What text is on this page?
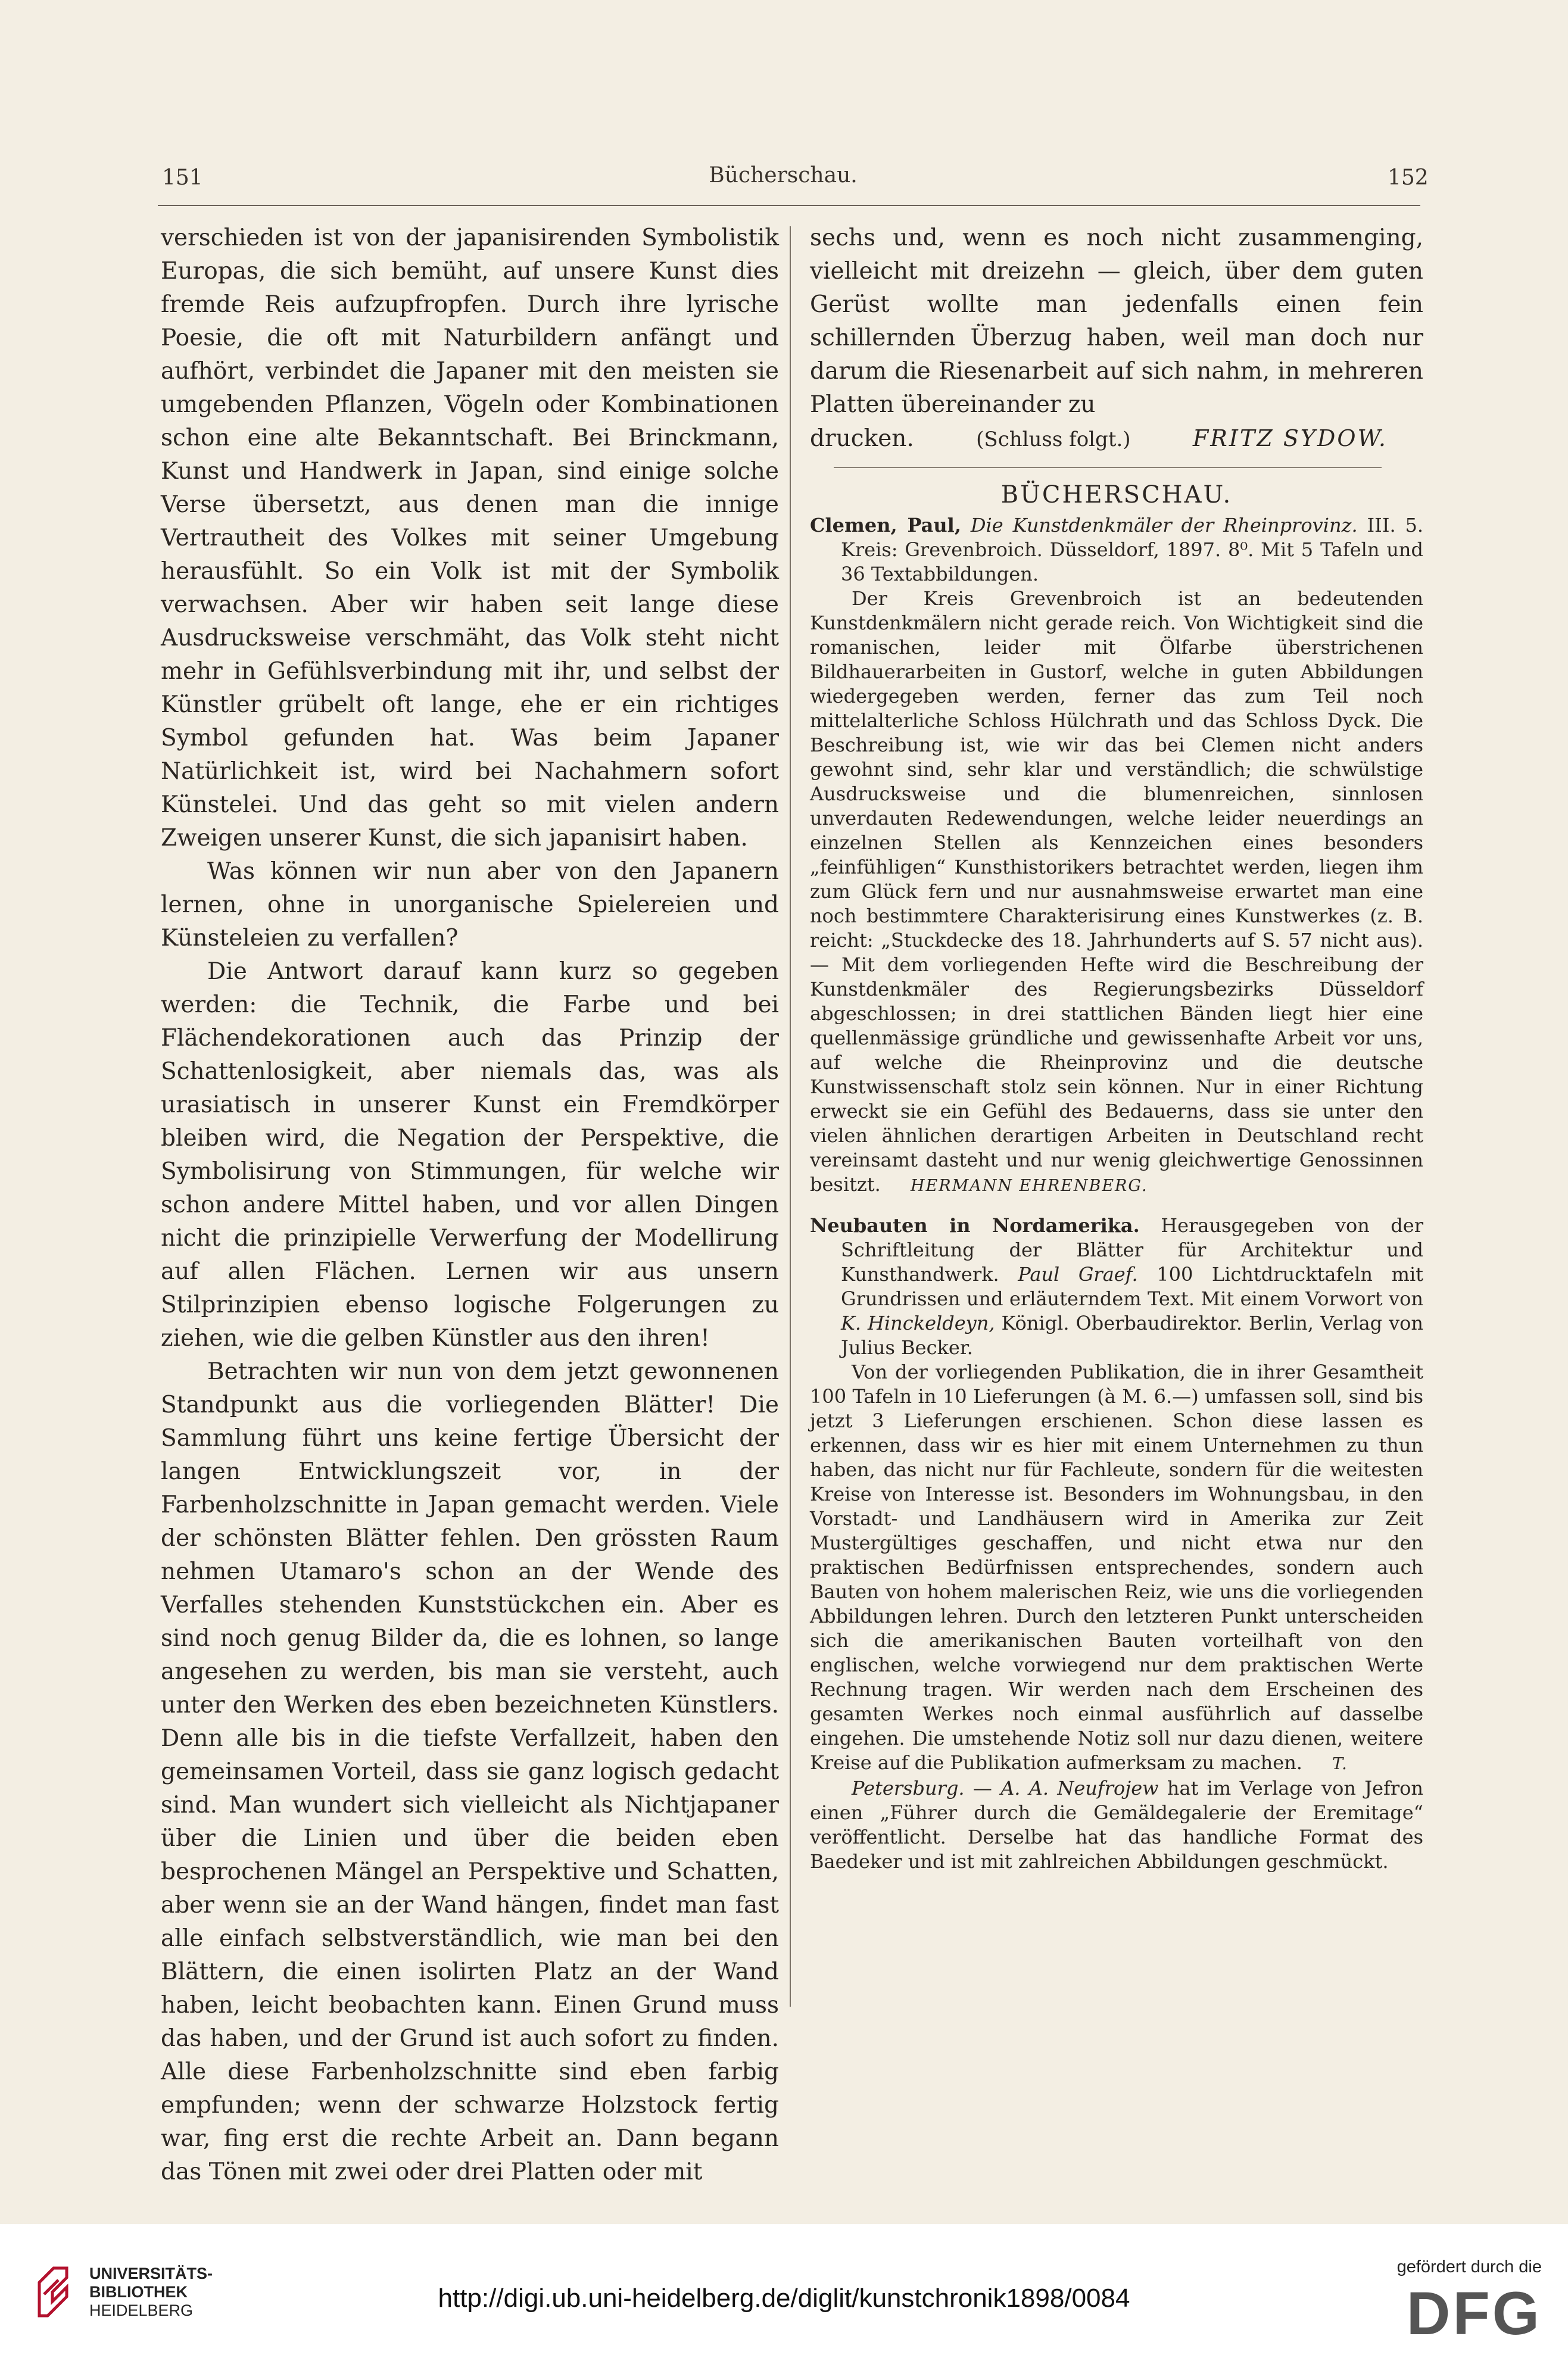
151	Bücherschau.	152

verschieden ist von der japanisirenden Symbolistik Europas, die sich bemüht, auf unsere Kunst dies fremde Reis aufzupfropfen. Durch ihre lyrische Poesie, die oft mit Naturbildern anfängt und aufhört, verbindet die Japaner mit den meisten sie umgebenden Pflanzen, Vögeln oder Kombinationen schon eine alte Bekanntschaft. Bei Brinckmann, Kunst und Handwerk in Japan, sind einige solche Verse übersetzt, aus denen man die innige Vertrautheit des Volkes mit seiner Umgebung herausfühlt. So ein Volk ist mit der Symbolik verwachsen. Aber wir haben seit lange diese Ausdrucksweise verschmäht, das Volk steht nicht mehr in Gefühlsverbindung mit ihr, und selbst der Künstler grübelt oft lange, ehe er ein richtiges Symbol gefunden hat. Was beim Japaner Natürlichkeit ist, wird bei Nachahmern sofort Künstelei. Und das geht so mit vielen andern Zweigen unserer Kunst, die sich japanisirt haben.

Was können wir nun aber von den Japanern lernen, ohne in unorganische Spielereien und Künsteleien zu verfallen?

Die Antwort darauf kann kurz so gegeben werden: die Technik, die Farbe und bei Flächendekorationen auch das Prinzip der Schattenlosigkeit, aber niemals das, was als urasiatisch in unserer Kunst ein Fremdkörper bleiben wird, die Negation der Perspektive, die Symbolisirung von Stimmungen, für welche wir schon andere Mittel haben, und vor allen Dingen nicht die prinzipielle Verwerfung der Modellirung auf allen Flächen. Lernen wir aus unsern Stilprinzipien ebenso logische Folgerungen zu ziehen, wie die gelben Künstler aus den ihren!

Betrachten wir nun von dem jetzt gewonnenen Standpunkt aus die vorliegenden Blätter! Die Sammlung führt uns keine fertige Übersicht der langen Entwicklungszeit vor, in der Farbenholzschnitte in Japan gemacht werden. Viele der schönsten Blätter fehlen. Den grössten Raum nehmen Utamaro's schon an der Wende des Verfalles stehenden Kunststückchen ein. Aber es sind noch genug Bilder da, die es lohnen, so lange angesehen zu werden, bis man sie versteht, auch unter den Werken des eben bezeichneten Künstlers. Denn alle bis in die tiefste Verfallzeit, haben den gemeinsamen Vorteil, dass sie ganz logisch gedacht sind. Man wundert sich vielleicht als Nichtjapaner über die Linien und über die beiden eben besprochenen Mängel an Perspektive und Schatten, aber wenn sie an der Wand hängen, findet man fast alle einfach selbstverständlich, wie man bei den Blättern, die einen isolirten Platz an der Wand haben, leicht beobachten kann. Einen Grund muss das haben, und der Grund ist auch sofort zu finden. Alle diese Farbenholzschnitte sind eben farbig empfunden; wenn der schwarze Holzstock fertig war, fing erst die rechte Arbeit an. Dann begann das Tönen mit zwei oder drei Platten oder mit

sechs und, wenn es noch nicht zusammenging, vielleicht mit dreizehn — gleich, über dem guten Gerüst wollte man jedenfalls einen fein schillernden Überzug haben, weil man doch nur darum die Riesenarbeit auf sich nahm, in mehreren Platten übereinander zu

drucken.	(Schluss folgt.)	FRITZ SYDOW.
BÜCHERSCHAU.

Clemen, Paul, Die Kunstdenkmäler der Rheinprovinz. III. 5. Kreis: Grevenbroich. Düsseldorf, 1897. 8⁰. Mit 5 Tafeln und 36 Textabbildungen.

Der Kreis Grevenbroich ist an bedeutenden Kunstdenkmälern nicht gerade reich. Von Wichtigkeit sind die romanischen, leider mit Ölfarbe überstrichenen Bildhauerarbeiten in Gustorf, welche in guten Abbildungen wiedergegeben werden, ferner das zum Teil noch mittelalterliche Schloss Hülchrath und das Schloss Dyck. Die Beschreibung ist, wie wir das bei Clemen nicht anders gewohnt sind, sehr klar und verständlich; die schwülstige Ausdrucksweise und die blumenreichen, sinnlosen unverdauten Redewendungen, welche leider neuerdings an einzelnen Stellen als Kennzeichen eines besonders „feinfühligen“ Kunsthistorikers betrachtet werden, liegen ihm zum Glück fern und nur ausnahmsweise erwartet man eine noch bestimmtere Charakterisirung eines Kunstwerkes (z. B. reicht: „Stuckdecke des 18. Jahrhunderts auf S. 57 nicht aus). — Mit dem vorliegenden Hefte wird die Beschreibung der Kunstdenkmäler des Regierungsbezirks Düsseldorf abgeschlossen; in drei stattlichen Bänden liegt hier eine quellenmässige gründliche und gewissenhafte Arbeit vor uns, auf welche die Rheinprovinz und die deutsche Kunstwissenschaft stolz sein können. Nur in einer Richtung erweckt sie ein Gefühl des Bedauerns, dass sie unter den vielen ähnlichen derartigen Arbeiten in Deutschland recht vereinsamt dasteht und nur wenig gleichwertige Genossinnen besitzt. HERMANN EHRENBERG.

Neubauten in Nordamerika. Herausgegeben von der Schriftleitung der Blätter für Architektur und Kunsthandwerk. Paul Graef. 100 Lichtdrucktafeln mit Grundrissen und erläuterndem Text. Mit einem Vorwort von K. Hinckeldeyn, Königl. Oberbaudirektor. Berlin, Verlag von Julius Becker.

Von der vorliegenden Publikation, die in ihrer Gesamtheit 100 Tafeln in 10 Lieferungen (à M. 6.—) umfassen soll, sind bis jetzt 3 Lieferungen erschienen. Schon diese lassen es erkennen, dass wir es hier mit einem Unternehmen zu thun haben, das nicht nur für Fachleute, sondern für die weitesten Kreise von Interesse ist. Besonders im Wohnungsbau, in den Vorstadt- und Landhäusern wird in Amerika zur Zeit Mustergültiges geschaffen, und nicht etwa nur den praktischen Bedürfnissen entsprechendes, sondern auch Bauten von hohem malerischen Reiz, wie uns die vorliegenden Abbildungen lehren. Durch den letzteren Punkt unterscheiden sich die amerikanischen Bauten vorteilhaft von den englischen, welche vorwiegend nur dem praktischen Werte Rechnung tragen. Wir werden nach dem Erscheinen des gesamten Werkes noch einmal ausführlich auf dasselbe eingehen. Die umstehende Notiz soll nur dazu dienen, weitere Kreise auf die Publikation aufmerksam zu machen. T.

Petersburg. — A. A. Neufrojew hat im Verlage von Jefron einen „Führer durch die Gemäldegalerie der Eremitage“ veröffentlicht. Derselbe hat das handliche Format des Baedeker und ist mit zahlreichen Abbildungen geschmückt.

UNIVERSITÄTS-
BIBLIOTHEK
HEIDELBERG	http://digi.ub.uni-heidelberg.de/diglit/kunstchronik1898/0084
gefördert durch die
DFG
